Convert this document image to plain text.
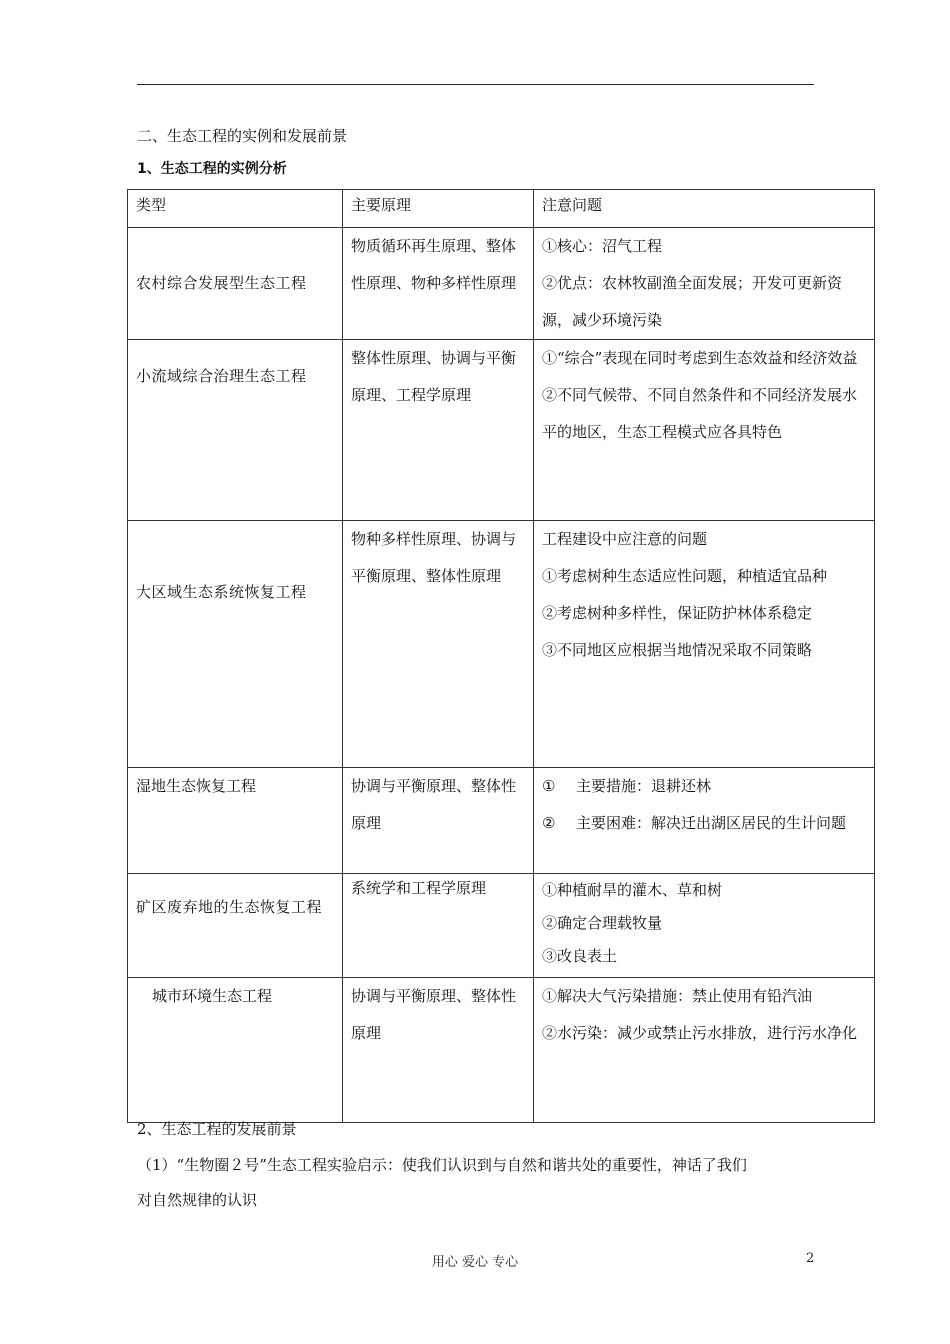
二、生态工程的实例和发展前景
1、生态工程的实例分析
类型	主要原理	注意问题

农村综合发展型生态工程	物质循环再生原理、整体性原理、物种多样性原理	①核心：沼气工程
②优点：农林牧副渔全面发展；开发可更新资源，减少环境污染

小流域综合治理生态工程	整体性原理、协调与平衡原理、工程学原理	①“综合”表现在同时考虑到生态效益和经济效益
②不同气候带、不同自然条件和不同经济发展水平的地区，生态工程模式应各具特色

大区域生态系统恢复工程	物种多样性原理、协调与平衡原理、整体性原理	工程建设中应注意的问题
①考虑树种生态适应性问题，种植适宜品种
②考虑树种多样性，保证防护林体系稳定
③不同地区应根据当地情况采取不同策略

湿地生态恢复工程	协调与平衡原理、整体性原理	① 主要措施：退耕还林
② 主要困难：解决迁出湖区居民的生计问题

矿区废弃地的生态恢复工程	系统学和工程学原理	①种植耐旱的灌木、草和树
②确定合理载牧量
③改良表土

城市环境生态工程	协调与平衡原理、整体性原理	①解决大气污染措施：禁止使用有铅汽油
②水污染：减少或禁止污水排放，进行污水净化
2、生态工程的发展前景
（1）“生物圈２号”生态工程实验启示：使我们认识到与自然和谐共处的重要性，神话了我们
对自然规律的认识
用心 爱心 专心	2
